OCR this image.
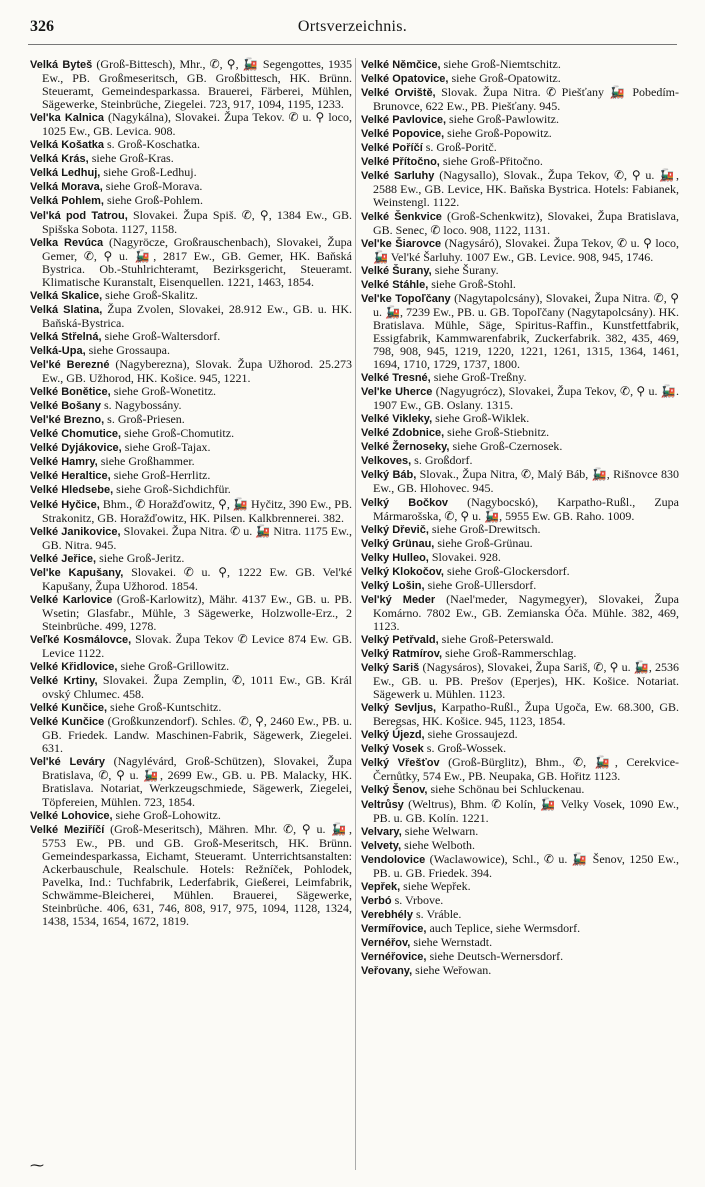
326	Ortsverzeichnis.

Velká Byteš (Groß-Bittesch), Mhr., ✆, ⚲, 🚂 Segengottes, 1935 Ew., PB. Großmeseritsch, GB. Großbittesch, HK. Brünn. Steueramt, Gemeindesparkassa. Brauerei, Färberei, Mühlen, Sägewerke, Steinbrüche, Ziegelei. 723, 917, 1094, 1195, 1233.

Vel'ka Kalnica (Nagykálna), Slovakei. Župa Tekov. ✆ u. ⚲ loco, 1025 Ew., GB. Levica. 908.

Velká Košatka s. Groß-Koschatka.

Velká Krás, siehe Groß-Kras.

Velká Ledhuj, siehe Groß-Ledhuj.

Velká Morava, siehe Groß-Morava.

Velká Pohlem, siehe Groß-Pohlem.

Vel'ká pod Tatrou, Slovakei. Župa Spiš. ✆, ⚲, 1384 Ew., GB. Spišska Sobota. 1127, 1158.

Velka Revúca (Nagyröcze, Großrauschenbach), Slovakei, Župa Gemer, ✆, ⚲ u. 🚂, 2817 Ew., GB. Gemer, HK. Baňská Bystrica. Ob.-Stuhlrichteramt, Bezirksgericht, Steueramt. Klimatische Kuranstalt, Eisenquellen. 1221, 1463, 1854.

Velká Skalice, siehe Groß-Skalitz.

Velká Slatina, Župa Zvolen, Slovakei, 28.912 Ew., GB. u. HK. Baňská-Bystrica.

Velká Střelná, siehe Groß-Waltersdorf.

Velká-Upa, siehe Grossaupa.

Vel'ké Berezné (Nagyberezna), Slovak. Župa Užhorod. 25.273 Ew., GB. Užhorod, HK. Košice. 945, 1221.

Velké Bonětice, siehe Groß-Wonetitz.

Velké Bošany s. Nagybossány.

Vel'ké Brezno, s. Groß-Priesen.

Velké Chomutice, siehe Groß-Chomutitz.

Velké Dyjákovice, siehe Groß-Tajax.

Velké Hamry, siehe Großhammer.

Velké Heraltice, siehe Groß-Herrlitz.

Velké Hledsebe, siehe Groß-Sichdichfür.

Velké Hyčice, Bhm., ✆ Horažďowitz, ⚲, 🚂 Hyčitz, 390 Ew., PB. Strakonitz, GB. Horažďowitz, HK. Pilsen. Kalkbrennerei. 382.

Velké Janikovice, Slovakei. Župa Nitra. ✆ u. 🚂 Nitra. 1175 Ew., GB. Nitra. 945.

Velké Jeřice, siehe Groß-Jeritz.

Vel'ke Kapušany, Slovakei. ✆ u. ⚲, 1222 Ew. GB. Vel'ké Kapušany, Župa Užhorod. 1854.

Velké Karlovice (Groß-Karlowitz), Mähr. 4137 Ew., GB. u. PB. Wsetin; Glasfabr., Mühle, 3 Sägewerke, Holzwolle-Erz., 2 Steinbrüche. 499, 1278.

Veľké Kosmálovce, Slovak. Župa Tekov ✆ Levice 874 Ew. GB. Levice 1122.

Velké Křidlovice, siehe Groß-Grillowitz.

Velké Krtiny, Slovakei. Župa Zemplin, ✆, 1011 Ew., GB. Král ovský Chlumec. 458.

Velké Kunčice, siehe Groß-Kuntschitz.

Velké Kunčice (Großkunzendorf). Schles. ✆, ⚲, 2460 Ew., PB. u. GB. Friedek. Landw. Maschinen-Fabrik, Sägewerk, Ziegelei. 631.

Vel'ké Leváry (Nagylévárd, Groß-Schützen), Slovakei, Župa Bratislava, ✆, ⚲ u. 🚂, 2699 Ew., GB. u. PB. Malacky, HK. Bratislava. Notariat, Werkzeugschmiede, Sägewerk, Ziegelei, Töpfereien, Mühlen. 723, 1854.

Velké Lohovice, siehe Groß-Lohowitz.

Velké Meziříčí (Groß-Meseritsch), Mähren. Mhr. ✆, ⚲ u. 🚂, 5753 Ew., PB. und GB. Groß-Meseritsch, HK. Brünn. Gemeindesparkassa, Eichamt, Steueramt. Unterrichtsanstalten: Ackerbauschule, Realschule. Hotels: Režníček, Pohlodek, Pavelka, Ind.: Tuchfabrik, Lederfabrik, Gießerei, Leimfabrik, Schwämme-Bleicherei, Mühlen. Brauerei, Sägewerke, Steinbrüche. 406, 631, 746, 808, 917, 975, 1094, 1128, 1324, 1438, 1534, 1654, 1672, 1819.

Velké Němčice, siehe Groß-Niemtschitz.

Velké Opatovice, siehe Groß-Opatowitz.

Velké Orviště, Slovak. Župa Nitra. ✆ Piešťany 🚂 Pobedím-Brunovce, 622 Ew., PB. Piešťany. 945.

Velké Pavlovice, siehe Groß-Pawlowitz.

Velké Popovice, siehe Groß-Popowitz.

Velké Poříčí s. Groß-Poritč.

Velké Přítočno, siehe Groß-Přitočno.

Velké Sarluhy (Nagysallo), Slovak., Župa Tekov, ✆, ⚲ u. 🚂, 2588 Ew., GB. Levice, HK. Baňska Bystrica. Hotels: Fabianek, Weinstengl. 1122.

Velké Šenkvice (Groß-Schenkwitz), Slovakei, Župa Bratislava, GB. Senec, ✆ loco. 908, 1122, 1131.

Vel'ke Šiarovce (Nagysáró), Slovakei. Župa Tekov, ✆ u. ⚲ loco, 🚂 Vel'ké Šarluhy. 1007 Ew., GB. Levice. 908, 945, 1746.

Velké Šurany, siehe Šurany.

Velké Stáhle, siehe Groß-Stohl.

Vel'ke Topoľčany (Nagytapolcsány), Slovakei, Župa Nitra. ✆, ⚲ u. 🚂, 7239 Ew., PB. u. GB. Topoľčany (Nagytapolcsány). HK. Bratislava. Mühle, Säge, Spiritus-Raffin., Kunstfettfabrik, Essigfabrik, Kammwarenfabrik, Zuckerfabrik. 382, 435, 469, 798, 908, 945, 1219, 1220, 1221, 1261, 1315, 1364, 1461, 1694, 1710, 1729, 1737, 1800.

Velké Tresné, siehe Groß-Treßny.

Vel'ke Uherce (Nagyugrócz), Slovakei, Župa Tekov, ✆, ⚲ u. 🚂. 1907 Ew., GB. Oslany. 1315.

Velké Vikleky, siehe Groß-Wiklek.

Velké Zdobnice, siehe Groß-Stiebnitz.

Velké Žernoseky, siehe Groß-Czernosek.

Velkoves, s. Großdorf.

Velký Báb, Slovak., Župa Nitra, ✆, Malý Báb, 🚂, Rišnovce 830 Ew., GB. Hlohovec. 945.

Velký Bočkov (Nagybocskó), Karpatho-Rußl., Zupa Mármarošska, ✆, ⚲ u. 🚂, 5955 Ew. GB. Raho. 1009.

Velký Dřevič, siehe Groß-Drewitsch.

Velký Grünau, siehe Groß-Grünau.

Velky Hulleo, Slovakei. 928.

Velký Klokočov, siehe Groß-Glockersdorf.

Velký Lošin, siehe Groß-Ullersdorf.

Vel'ký Meder (Nael'meder, Nagymegyer), Slovakei, Župa Komárno. 7802 Ew., GB. Zemianska Óča. Mühle. 382, 469, 1123.

Velký Petřvald, siehe Groß-Peterswald.

Velký Ratmírov, siehe Groß-Rammerschlag.

Velký Sariš (Nagysáros), Slovakei, Župa Sariš, ✆, ⚲ u. 🚂, 2536 Ew., GB. u. PB. Prešov (Eperjes), HK. Košice. Notariat. Sägewerk u. Mühlen. 1123.

Velký Sevljus, Karpatho-Rußl., Župa Ugoča, Ew. 68.300, GB. Beregsas, HK. Košice. 945, 1123, 1854.

Velký Újezd, siehe Grossaujezd.

Velký Vosek s. Groß-Wossek.

Velký Vřešťov (Groß-Bürglitz), Bhm., ✆, 🚂, Cerekvice-Černůtky, 574 Ew., PB. Neupaka, GB. Hořitz 1123.

Velký Šenov, siehe Schönau bei Schluckenau.

Veltrůsy (Weltrus), Bhm. ✆ Kolín, 🚂 Velky Vosek, 1090 Ew., PB. u. GB. Kolín. 1221.

Velvary, siehe Welwarn.

Velvety, siehe Welboth.

Vendolovice (Waclawowice), Schl., ✆ u. 🚂 Šenov, 1250 Ew., PB. u. GB. Friedek. 394.

Vepřek, siehe Wepřek.

Verbó s. Vrbove.

Verebhély s. Vráble.

Vermířovice, auch Teplice, siehe Wermsdorf.

Vernéřov, siehe Wernstadt.

Vernéřovice, siehe Deutsch-Wernersdorf.

Veřovany, siehe Weřowan.

⁓
